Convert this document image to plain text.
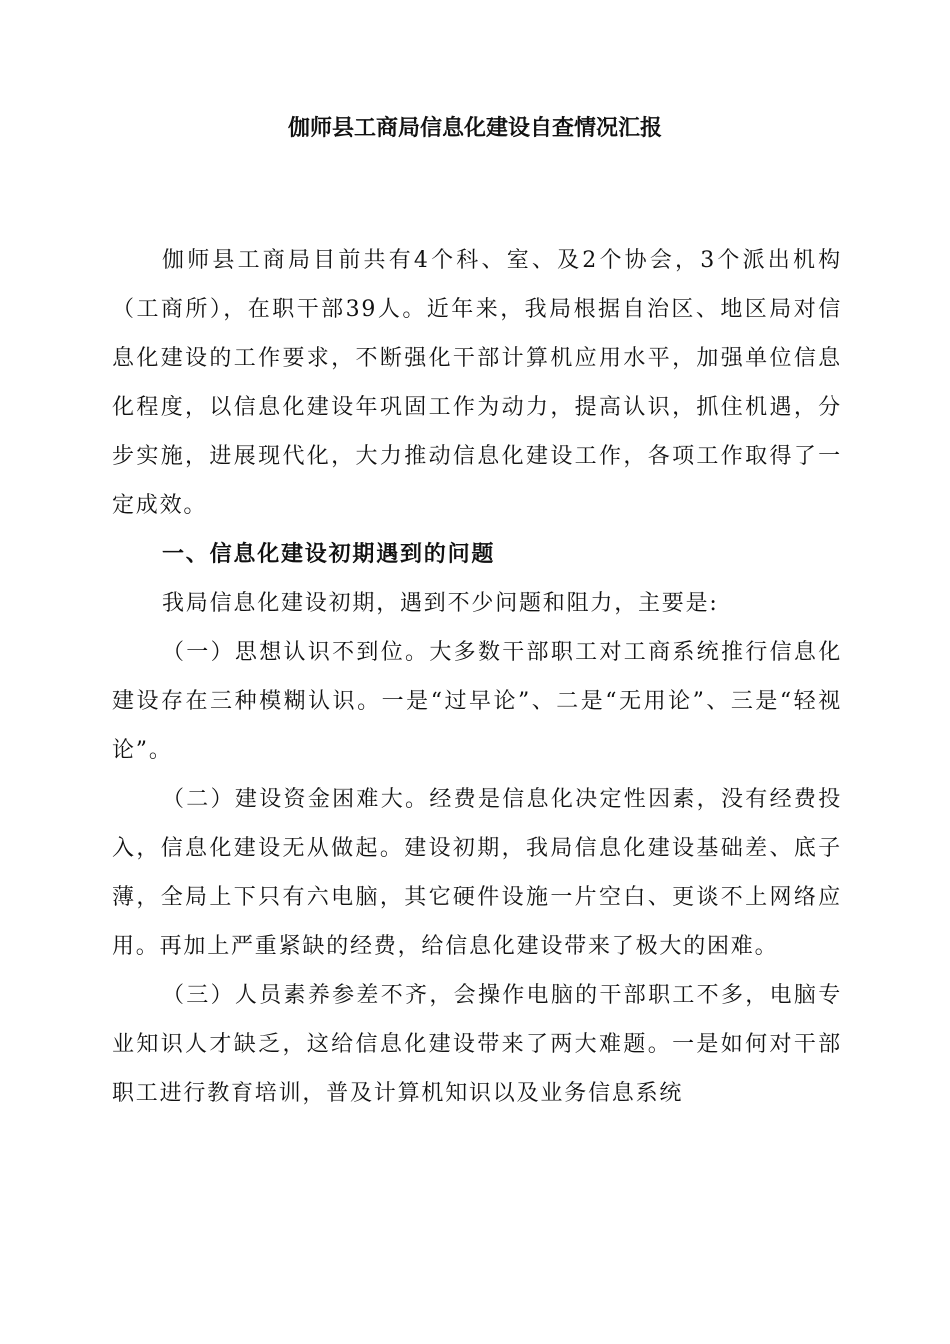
伽师县工商局信息化建设自查情况汇报

伽师县工商局目前共有4个科、室、及2个协会，3个派出机构（工商所），在职干部39人。近年来，我局根据自治区、地区局对信息化建设的工作要求，不断强化干部计算机应用水平，加强单位信息化程度，以信息化建设年巩固工作为动力，提高认识，抓住机遇，分步实施，进展现代化，大力推动信息化建设工作，各项工作取得了一定成效。

一、信息化建设初期遇到的问题

我局信息化建设初期，遇到不少问题和阻力，主要是:

（一）思想认识不到位。大多数干部职工对工商系统推行信息化建设存在三种模糊认识。一是“过早论”、二是“无用论”、三是“轻视论”。

（二）建设资金困难大。经费是信息化决定性因素，没有经费投入，信息化建设无从做起。建设初期，我局信息化建设基础差、底子薄，全局上下只有六电脑，其它硬件设施一片空白、更谈不上网络应用。再加上严重紧缺的经费，给信息化建设带来了极大的困难。

（三）人员素养参差不齐，会操作电脑的干部职工不多，电脑专业知识人才缺乏，这给信息化建设带来了两大难题。一是如何对干部职工进行教育培训，普及计算机知识以及业务信息系统
